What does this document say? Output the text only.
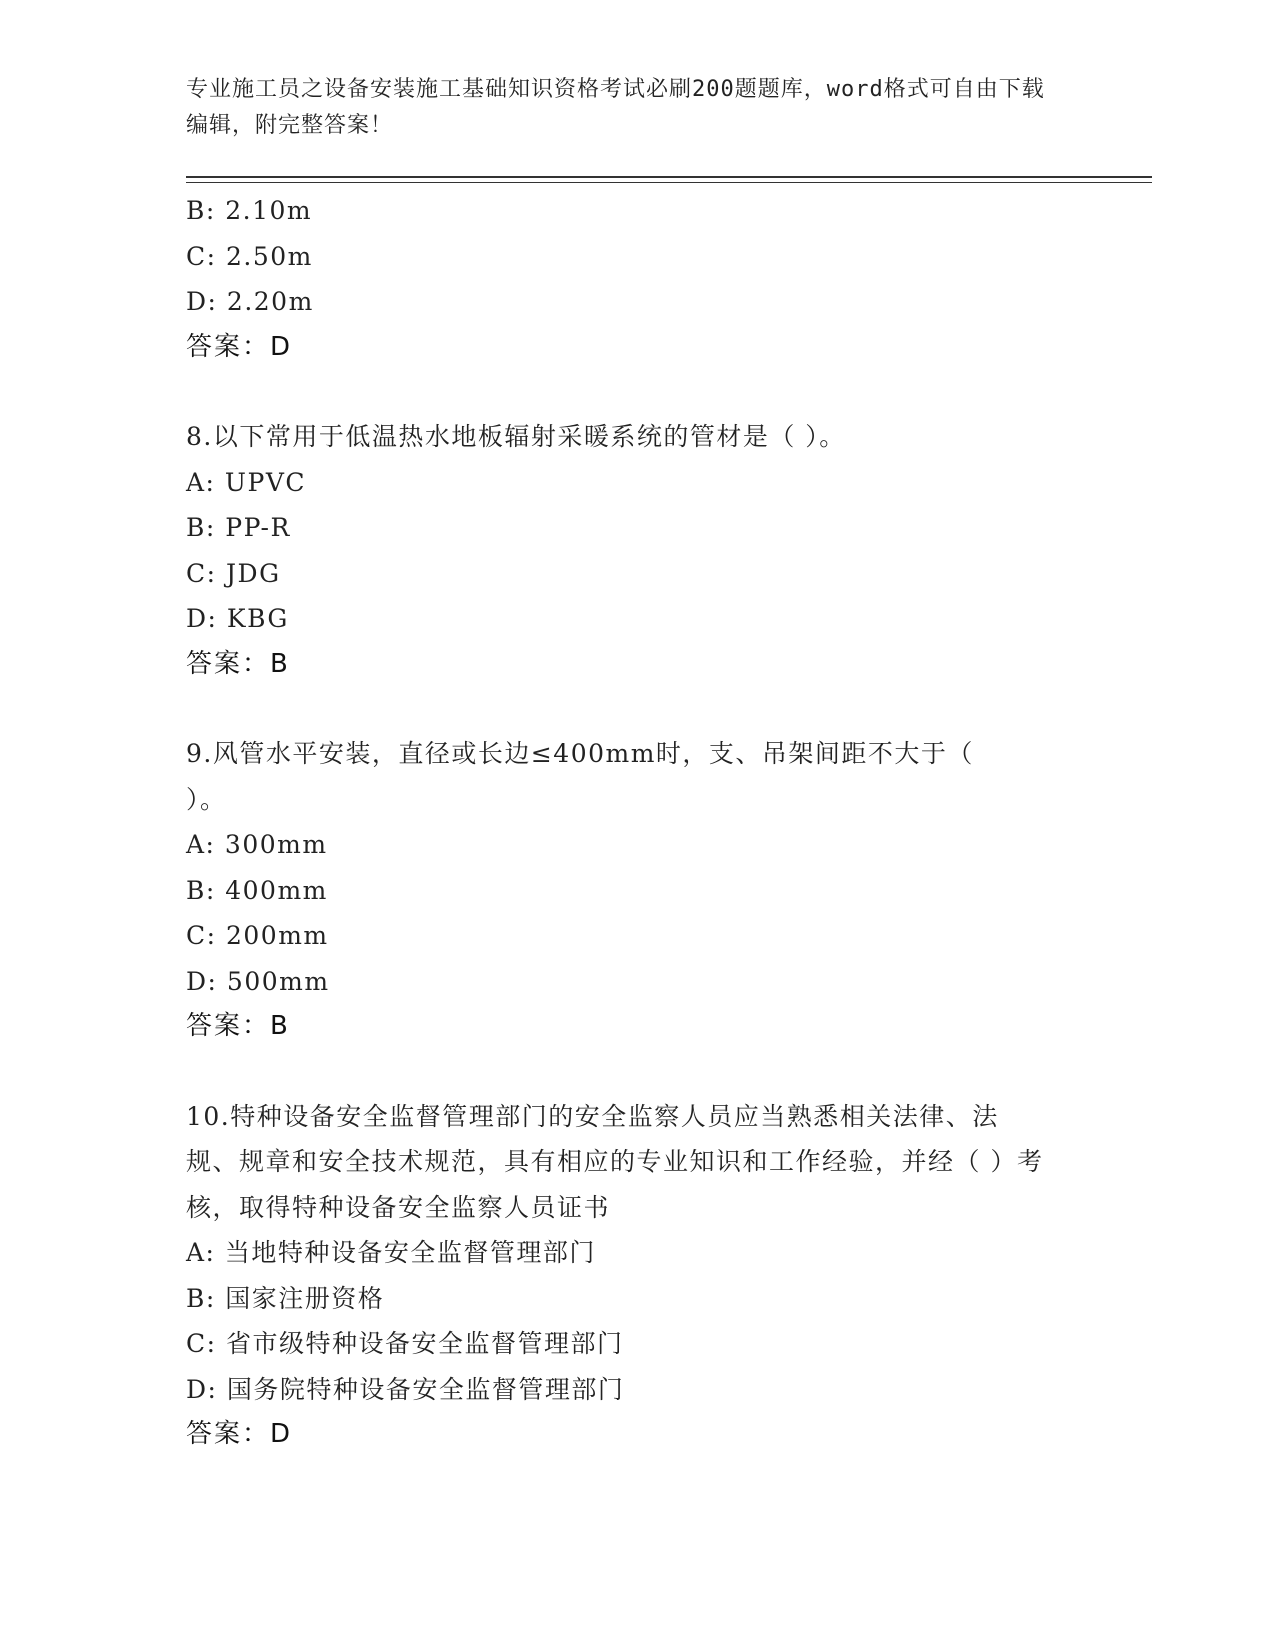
专业施工员之设备安装施工基础知识资格考试必刷200题题库，word格式可自由下载编辑，附完整答案！
B: 2.10m
C: 2.50m
D: 2.20m
答案：D
8.以下常用于低温热水地板辐射采暖系统的管材是（ ）。
A: UPVC
B: PP-R
C: JDG
D: KBG
答案：B
9.风管水平安装，直径或长边≤400mm时，支、吊架间距不大于（ ）。
A: 300mm
B: 400mm
C: 200mm
D: 500mm
答案：B
10.特种设备安全监督管理部门的安全监察人员应当熟悉相关法律、法规、规章和安全技术规范，具有相应的专业知识和工作经验，并经（ ）考核，取得特种设备安全监察人员证书
A: 当地特种设备安全监督管理部门
B: 国家注册资格
C: 省市级特种设备安全监督管理部门
D: 国务院特种设备安全监督管理部门
答案：D
